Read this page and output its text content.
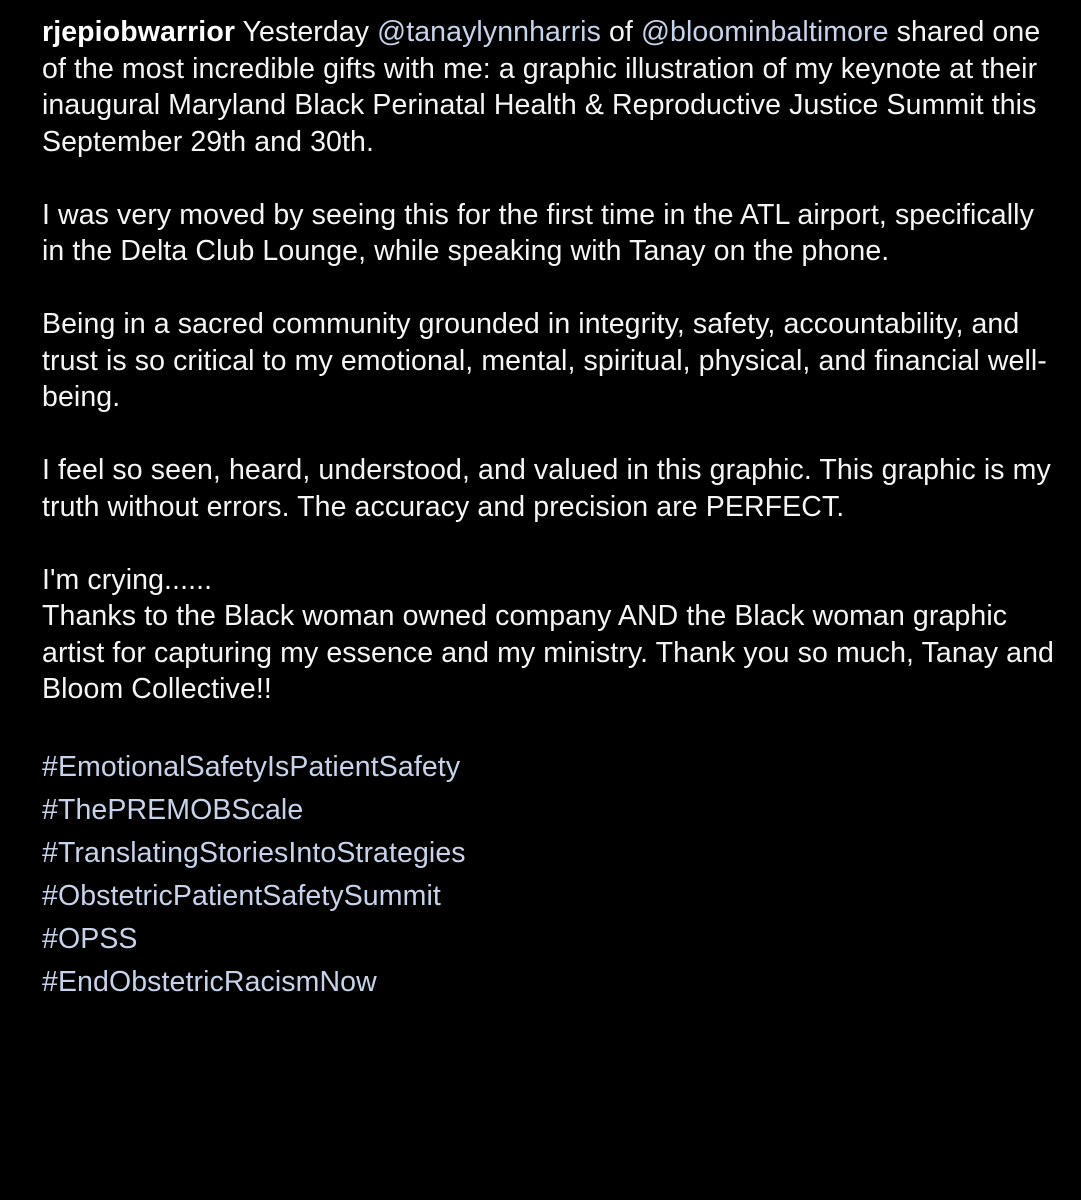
rjepiobwarrior Yesterday @tanaylynnharris of @bloominbaltimore shared one of the most incredible gifts with me: a graphic illustration of my keynote at their inaugural Maryland Black Perinatal Health & Reproductive Justice Summit this September 29th and 30th.

I was very moved by seeing this for the first time in the ATL airport, specifically in the Delta Club Lounge, while speaking with Tanay on the phone.

Being in a sacred community grounded in integrity, safety, accountability, and trust is so critical to my emotional, mental, spiritual, physical, and financial well-being.

I feel so seen, heard, understood, and valued in this graphic. This graphic is my truth without errors. The accuracy and precision are PERFECT.

I'm crying......
Thanks to the Black woman owned company AND the Black woman graphic artist for capturing my essence and my ministry. Thank you so much, Tanay and Bloom Collective!!

#EmotionalSafetyIsPatientSafety
#ThePREMOBScale
#TranslatingStoriesIntoStrategies
#ObstetricPatientSafetySummit
#OPSS
#EndObstetricRacismNow
